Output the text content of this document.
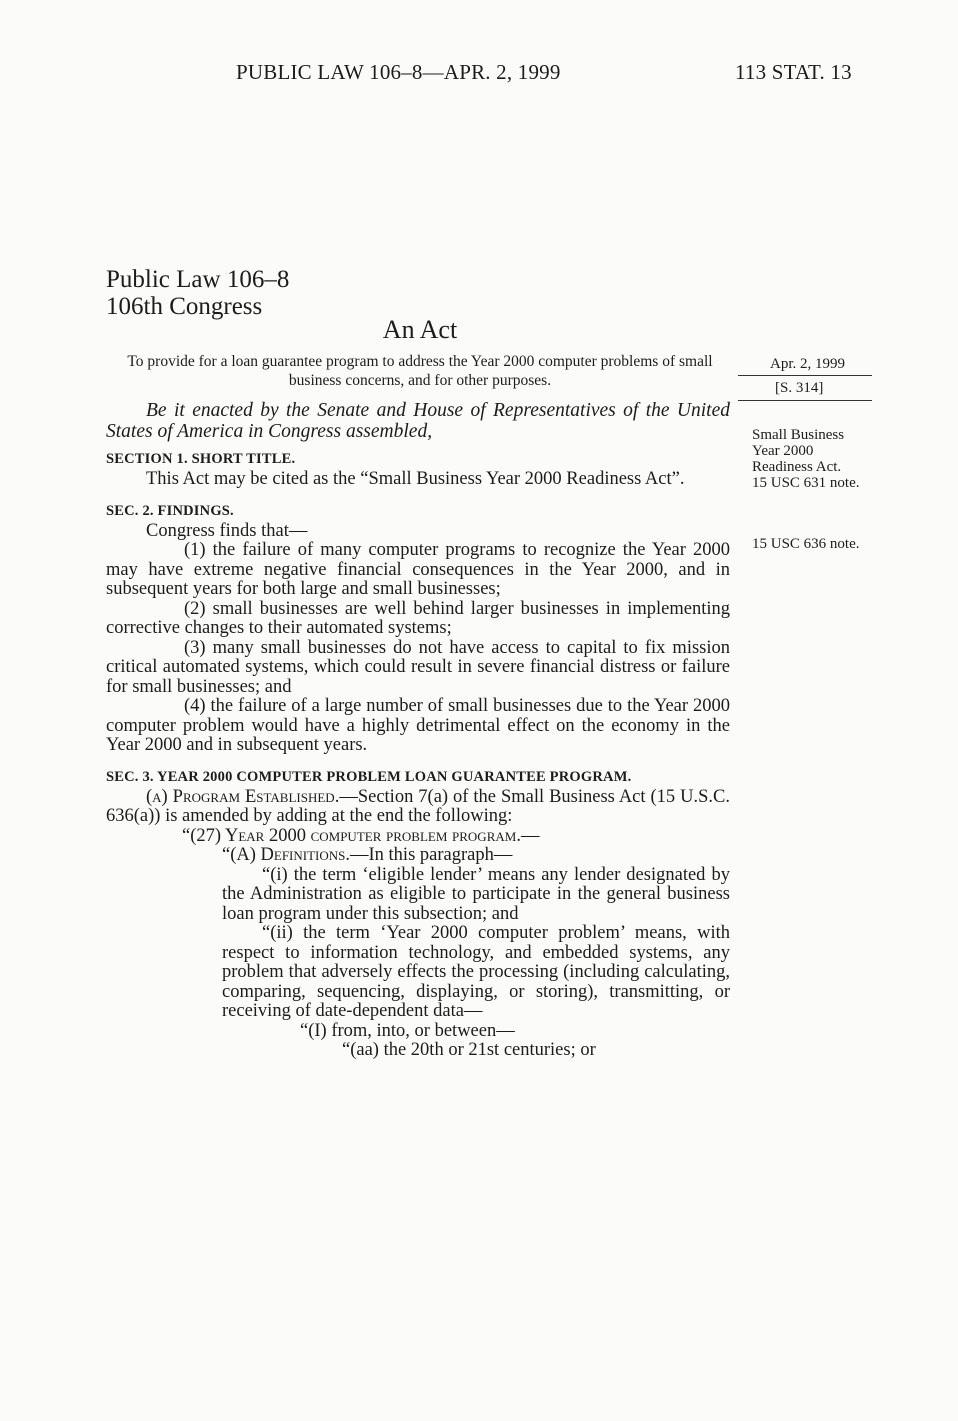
PUBLIC LAW 106–8—APR. 2, 1999	113 STAT. 13
Public Law 106–8
106th Congress
An Act
To provide for a loan guarantee program to address the Year 2000 computer problems of small business concerns, and for other purposes.
Apr. 2, 1999
[S. 314]
Small Business
Year 2000
Readiness Act.
15 USC 631 note.
15 USC 636 note.

Be it enacted by the Senate and House of Representatives of the United States of America in Congress assembled,

SECTION 1. SHORT TITLE.

This Act may be cited as the “Small Business Year 2000 Readiness Act”.

SEC. 2. FINDINGS.

Congress finds that—

(1) the failure of many computer programs to recognize the Year 2000 may have extreme negative financial consequences in the Year 2000, and in subsequent years for both large and small businesses;

(2) small businesses are well behind larger businesses in implementing corrective changes to their automated systems;

(3) many small businesses do not have access to capital to fix mission critical automated systems, which could result in severe financial distress or failure for small businesses; and

(4) the failure of a large number of small businesses due to the Year 2000 computer problem would have a highly detrimental effect on the economy in the Year 2000 and in subsequent years.

SEC. 3. YEAR 2000 COMPUTER PROBLEM LOAN GUARANTEE PROGRAM.

(a) Program Established.—Section 7(a) of the Small Business Act (15 U.S.C. 636(a)) is amended by adding at the end the following:

“(27) Year 2000 computer problem program.—

“(A) Definitions.—In this paragraph—

“(i) the term ‘eligible lender’ means any lender designated by the Administration as eligible to participate in the general business loan program under this subsection; and

“(ii) the term ‘Year 2000 computer problem’ means, with respect to information technology, and embedded systems, any problem that adversely effects the processing (including calculating, comparing, sequencing, displaying, or storing), transmitting, or receiving of date-dependent data—

“(I) from, into, or between—

“(aa) the 20th or 21st centuries; or
